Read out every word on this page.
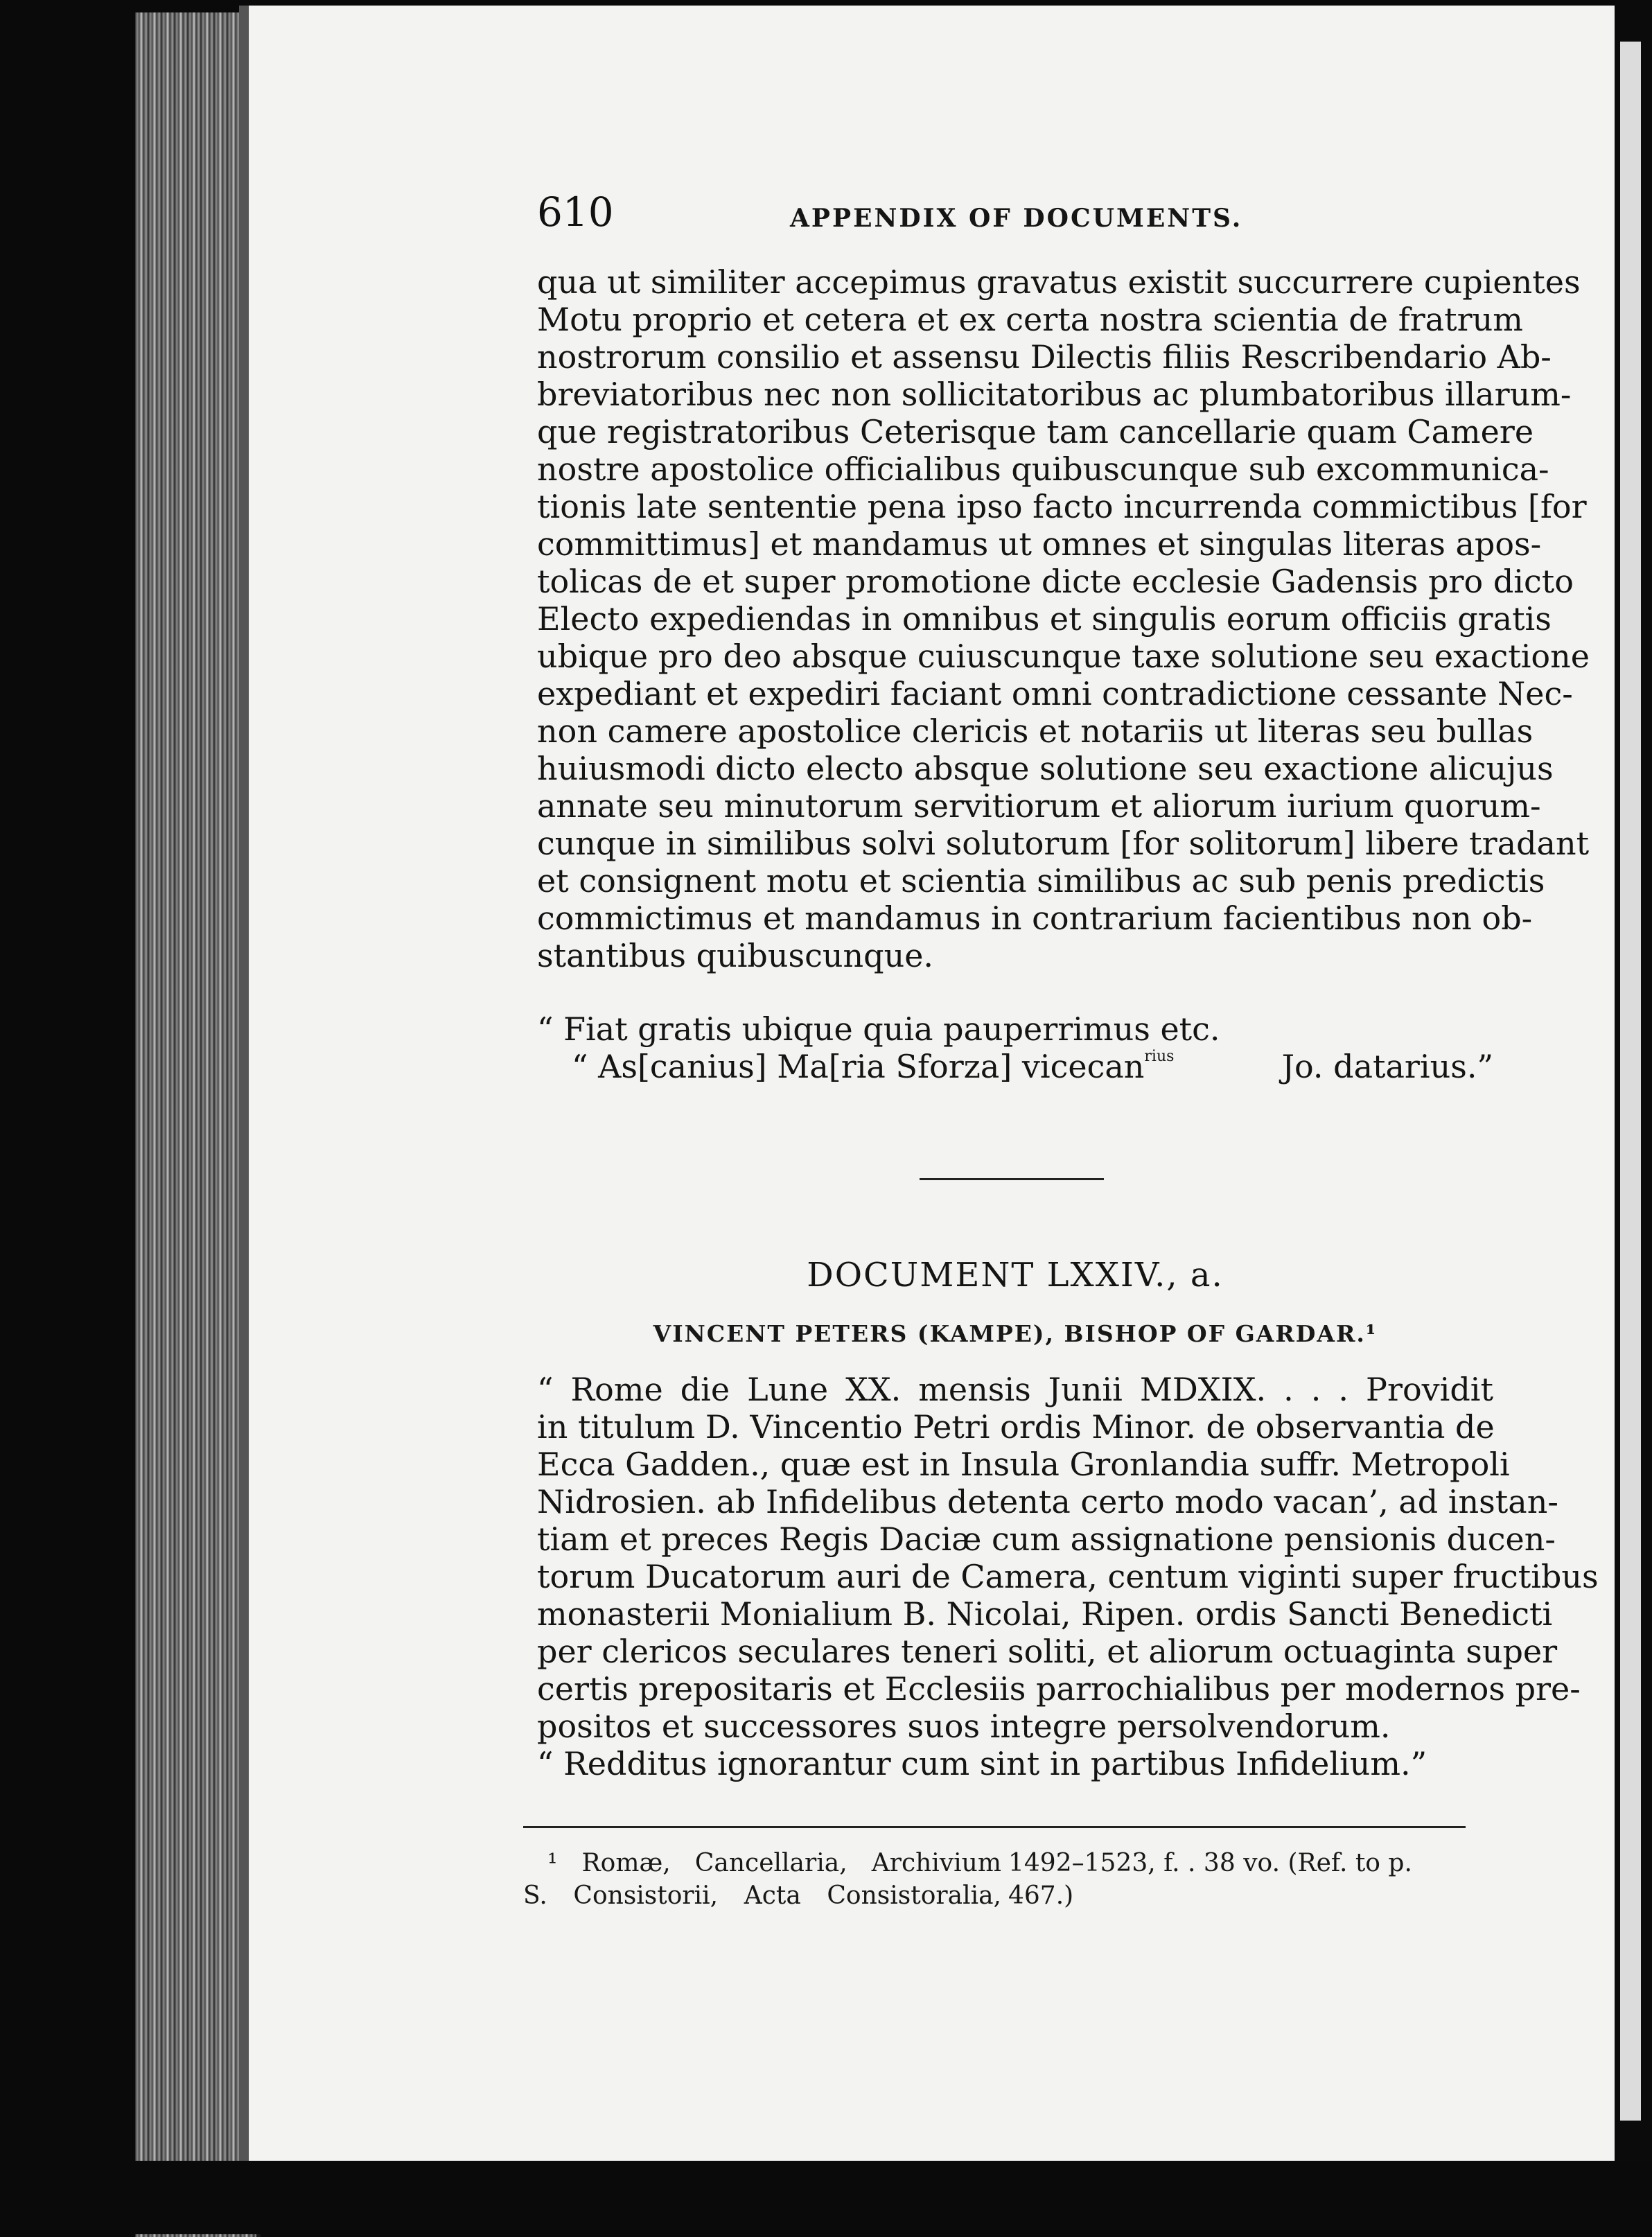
610	APPENDIX OF DOCUMENTS.
qua ut similiter accepimus gravatus existit succurrere cupientes
Motu proprio et cetera et ex certa nostra scientia de fratrum
nostrorum consilio et assensu Dilectis filiis Rescribendario Ab-
breviatoribus nec non sollicitatoribus ac plumbatoribus illarum-
que registratoribus Ceterisque tam cancellarie quam Camere
nostre apostolice officialibus quibuscunque sub excommunica-
tionis late sententie pena ipso facto incurrenda commictibus [for
committimus] et mandamus ut omnes et singulas literas apos-
tolicas de et super promotione dicte ecclesie Gadensis pro dicto
Electo expediendas in omnibus et singulis eorum officiis gratis
ubique pro deo absque cuiuscunque taxe solutione seu exactione
expediant et expediri faciant omni contradictione cessante Nec-
non camere apostolice clericis et notariis ut literas seu bullas
huiusmodi dicto electo absque solutione seu exactione alicujus
annate seu minutorum servitiorum et aliorum iurium quorum-
cunque in similibus solvi solutorum [for solitorum] libere tradant
et consignent motu et scientia similibus ac sub penis predictis
commictimus et mandamus in contrarium facientibus non ob-
stantibus quibuscunque.
“ Fiat gratis ubique quia pauperrimus etc.
“ As[canius] Ma[ria Sforza] vicecan$^{rius}$	Jo. datarius.”
DOCUMENT LXXIV., a.
VINCENT PETERS (KAMPE), BISHOP OF GARDAR.¹
“ Rome die Lune XX. mensis Junii MDXIX. . . . Providit
in titulum D. Vincentio Petri ordis Minor. de observantia de
Ecca Gadden., quæ est in Insula Gronlandia suffr. Metropoli
Nidrosien. ab Infidelibus detenta certo modo vacan’, ad instan-
tiam et preces Regis Daciæ cum assignatione pensionis ducen-
torum Ducatorum auri de Camera, centum viginti super fructibus
monasterii Monialium B. Nicolai, Ripen. ordis Sancti Benedicti
per clericos seculares teneri soliti, et aliorum octuaginta super
certis prepositaris et Ecclesiis parrochialibus per modernos pre-
positos et successores suos integre persolvendorum.
“ Redditus ignorantur cum sint in partibus Infidelium.”
¹ Romæ, Cancellaria, Archivium
S. Consistorii, Acta Consistoralia,
1492–1523, f. . 38 vo. (Ref. to p.
467.)
